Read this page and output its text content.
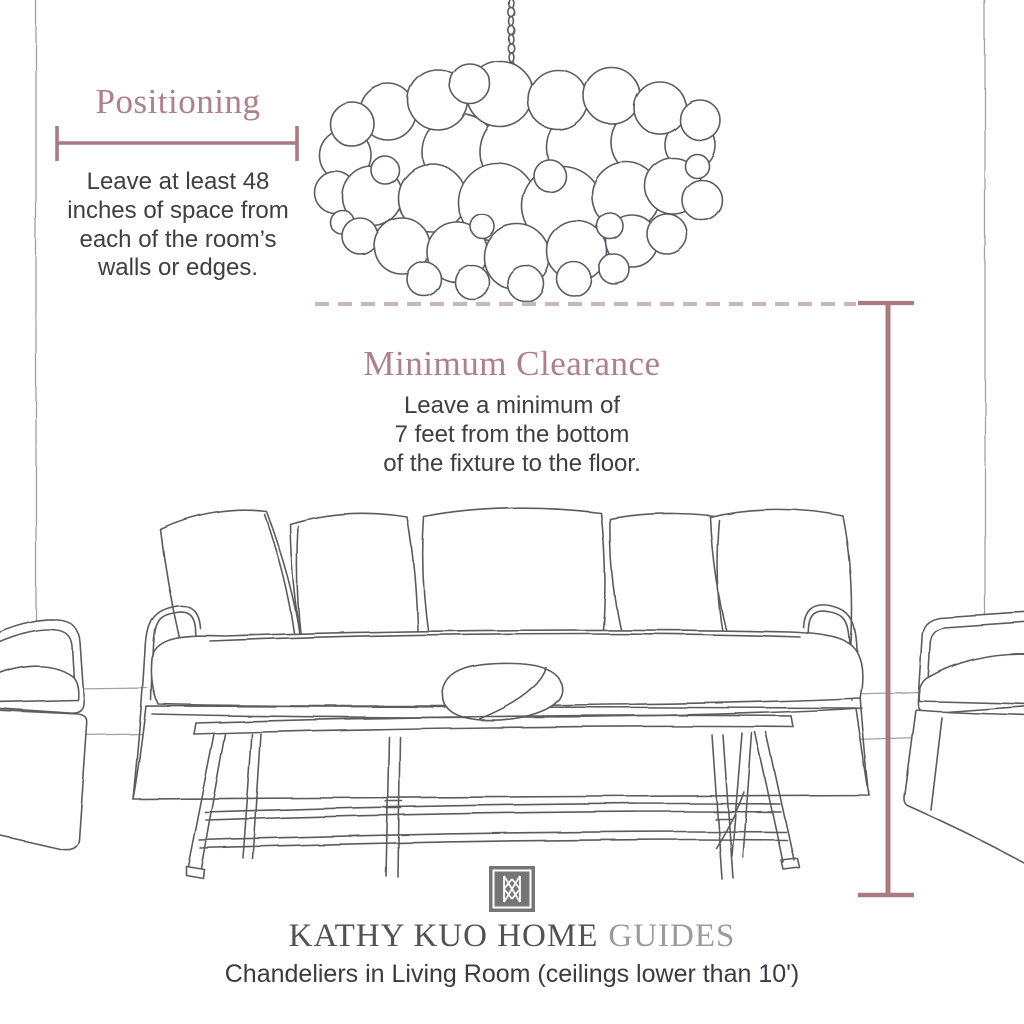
Positioning
Leave at least 48
inches of space from
each of the room’s
walls or edges.
Minimum Clearance
Leave a minimum of
7 feet from the bottom
of the fixture to the floor.
KATHY KUO HOME GUIDES
Chandeliers in Living Room (ceilings lower than 10')
